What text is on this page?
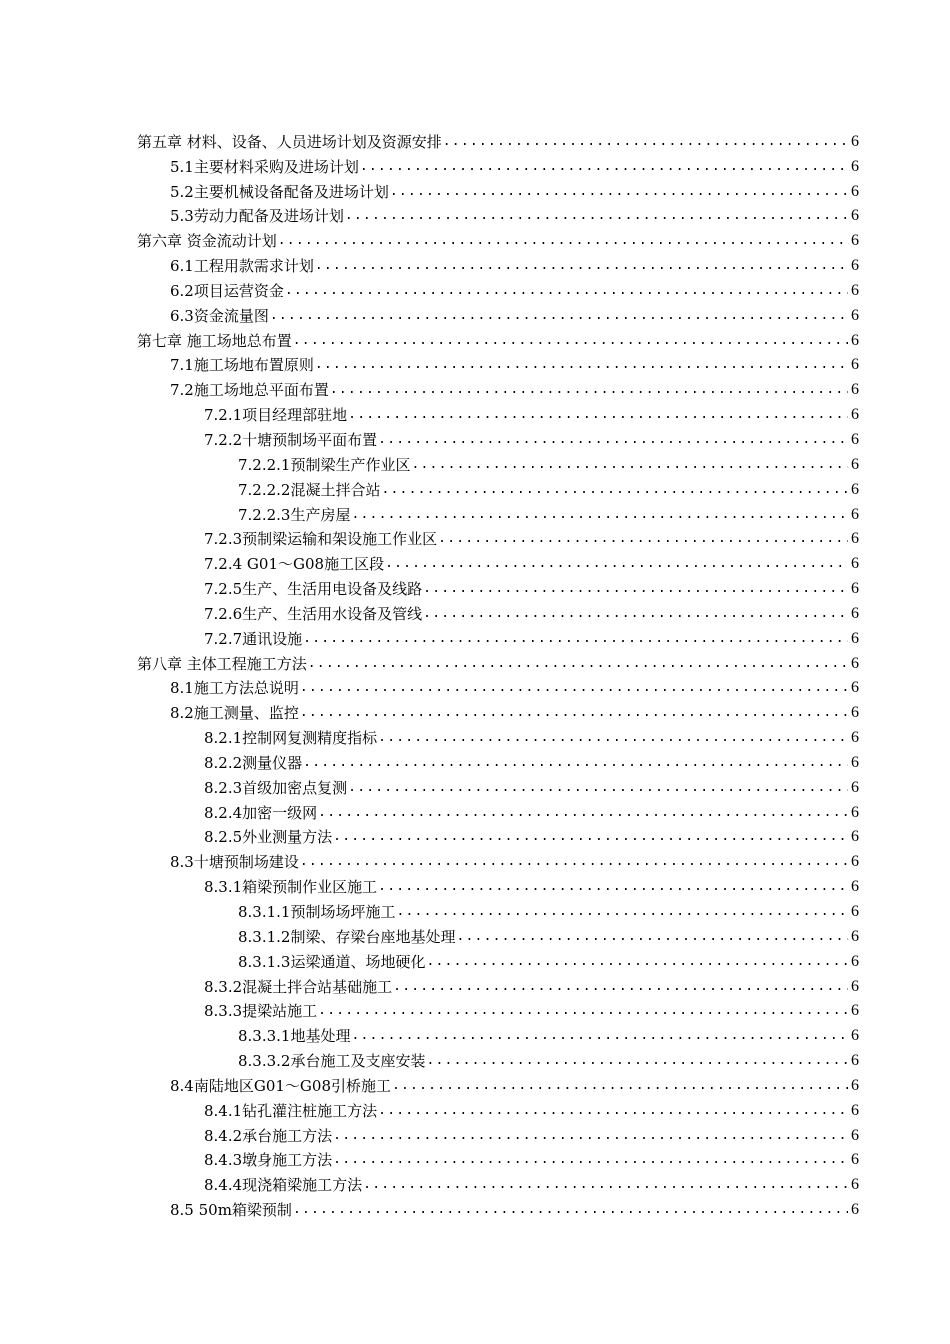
第五章 材料、设备、人员进场计划及资源安排 .....	6
5.1主要材料采购及进场计划 .....	6
5.2主要机械设备配备及进场计划 .....	6
5.3劳动力配备及进场计划 .....	6
第六章 资金流动计划 .....	6
6.1工程用款需求计划 .....	6
6.2项目运营资金 .....	6
6.3资金流量图 .....	6
第七章 施工场地总布置 .....	6
7.1施工场地布置原则 .....	6
7.2施工场地总平面布置 .....	6
7.2.1项目经理部驻地 .....	6
7.2.2十塘预制场平面布置 .....	6
7.2.2.1预制梁生产作业区 .....	6
7.2.2.2混凝土拌合站 .....	6
7.2.2.3生产房屋 .....	6
7.2.3预制梁运输和架设施工作业区 .....	6
7.2.4 G01～G08施工区段 .....	6
7.2.5生产、生活用电设备及线路 .....	6
7.2.6生产、生活用水设备及管线 .....	6
7.2.7通讯设施 .....	6
第八章 主体工程施工方法 .....	6
8.1施工方法总说明 .....	6
8.2施工测量、监控 .....	6
8.2.1控制网复测精度指标 .....	6
8.2.2测量仪器 .....	6
8.2.3首级加密点复测 .....	6
8.2.4加密一级网 .....	6
8.2.5外业测量方法 .....	6
8.3十塘预制场建设 .....	6
8.3.1箱梁预制作业区施工 .....	6
8.3.1.1预制场场坪施工 .....	6
8.3.1.2制梁、存梁台座地基处理 .....	6
8.3.1.3运梁通道、场地硬化 .....	6
8.3.2混凝土拌合站基础施工 .....	6
8.3.3提梁站施工 .....	6
8.3.3.1地基处理 .....	6
8.3.3.2承台施工及支座安装 .....	6
8.4南陆地区G01～G08引桥施工 .....	6
8.4.1钻孔灌注桩施工方法 .....	6
8.4.2承台施工方法 .....	6
8.4.3墩身施工方法 .....	6
8.4.4现浇箱梁施工方法 .....	6
8.5 50m箱梁预制 .....	6
